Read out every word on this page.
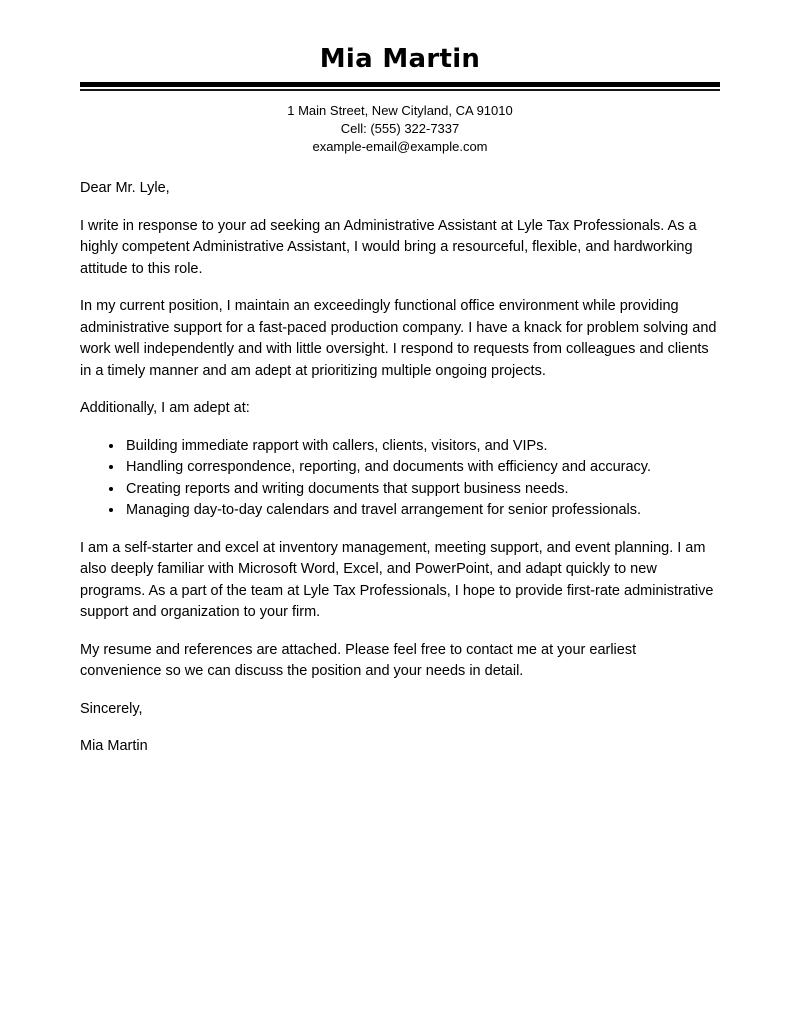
Mia Martin
1 Main Street, New Cityland, CA 91010
Cell: (555) 322-7337
example-email@example.com

Dear Mr. Lyle,

I write in response to your ad seeking an Administrative Assistant at Lyle Tax Professionals. As a highly competent Administrative Assistant, I would bring a resourceful, flexible, and hardworking attitude to this role.

In my current position, I maintain an exceedingly functional office environment while providing administrative support for a fast-paced production company. I have a knack for problem solving and work well independently and with little oversight. I respond to requests from colleagues and clients in a timely manner and am adept at prioritizing multiple ongoing projects.

Additionally, I am adept at:

• Building immediate rapport with callers, clients, visitors, and VIPs.
• Handling correspondence, reporting, and documents with efficiency and accuracy.
• Creating reports and writing documents that support business needs.
• Managing day-to-day calendars and travel arrangement for senior professionals.

I am a self-starter and excel at inventory management, meeting support, and event planning. I am also deeply familiar with Microsoft Word, Excel, and PowerPoint, and adapt quickly to new programs. As a part of the team at Lyle Tax Professionals, I hope to provide first-rate administrative support and organization to your firm.

My resume and references are attached. Please feel free to contact me at your earliest convenience so we can discuss the position and your needs in detail.

Sincerely,

Mia Martin
